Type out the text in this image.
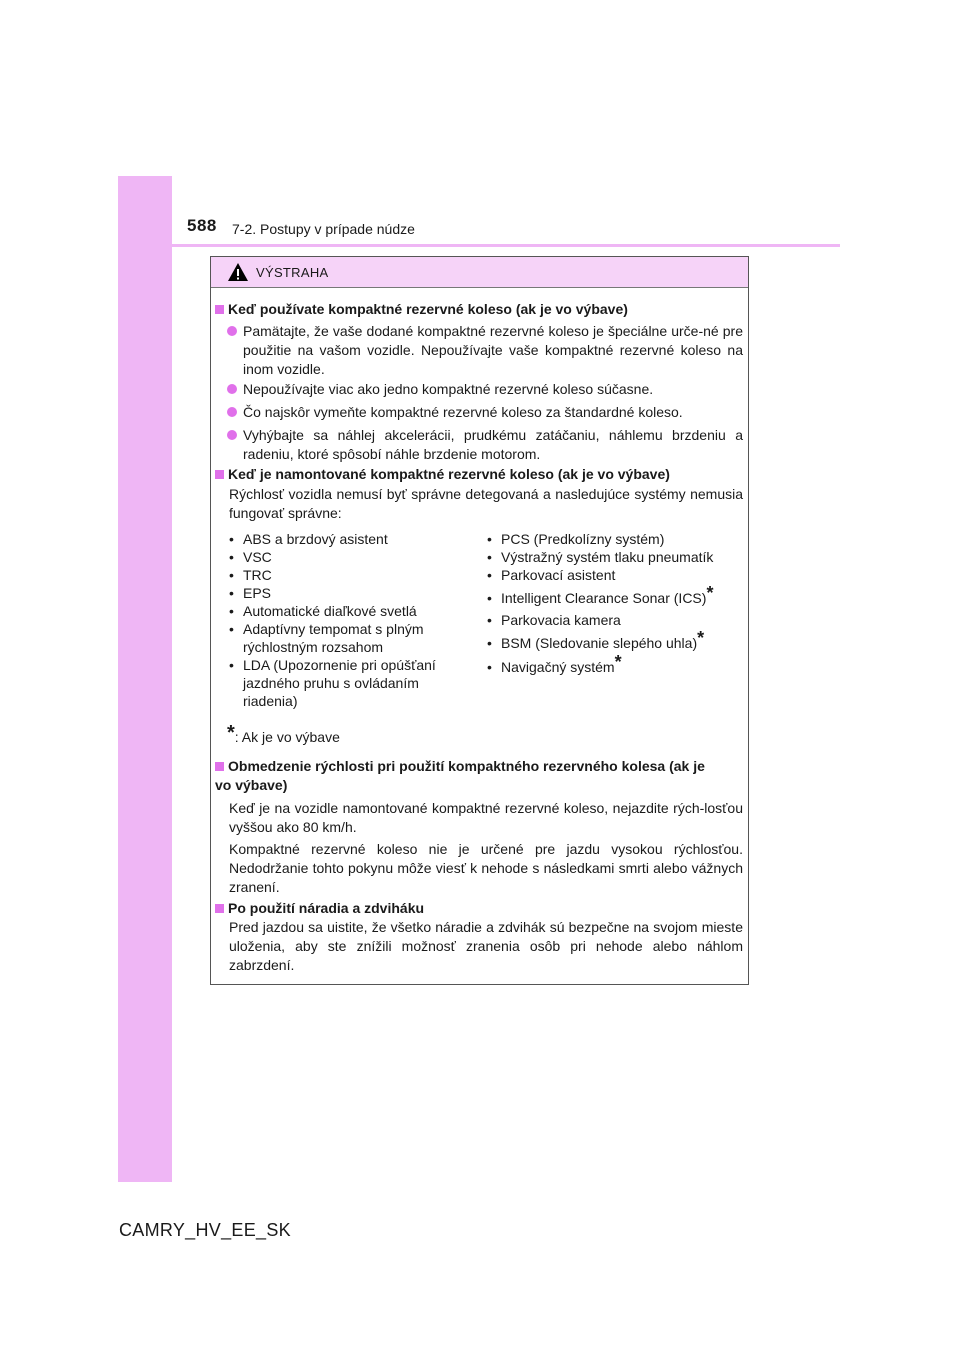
588 7-2. Postupy v prípade núdze
VÝSTRAHA
Keď používate kompaktné rezervné koleso (ak je vo výbave)
Pamätajte, že vaše dodané kompaktné rezervné koleso je špeciálne urče-né pre použitie na vašom vozidle. Nepoužívajte vaše kompaktné rezervné koleso na inom vozidle.
Nepoužívajte viac ako jedno kompaktné rezervné koleso súčasne.
Čo najskôr vymeňte kompaktné rezervné koleso za štandardné koleso.
Vyhýbajte sa náhlej akcelerácii, prudkému zatáčaniu, náhlemu brzdeniu a radeniu, ktoré spôsobí náhle brzdenie motorom.
Keď je namontované kompaktné rezervné koleso (ak je vo výbave)
Rýchlosť vozidla nemusí byť správne detegovaná a nasledujúce systémy nemusia fungovať správne:
• ABS a brzdový asistent
• VSC
• TRC
• EPS
• Automatické diaľkové svetlá
• Adaptívny tempomat s plným rýchlostným rozsahom
• LDA (Upozornenie pri opúšťaní jazdného pruhu s ovládaním riadenia)
• PCS (Predkolízny systém)
• Výstražný systém tlaku pneumatík
• Parkovací asistent
• Intelligent Clearance Sonar (ICS)*
• Parkovacia kamera
• BSM (Sledovanie slepého uhla)*
• Navigačný systém*
*: Ak je vo výbave
Obmedzenie rýchlosti pri použití kompaktného rezervného kolesa (ak je vo výbave)
Keď je na vozidle namontované kompaktné rezervné koleso, nejazdite rých-losťou vyššou ako 80 km/h.
Kompaktné rezervné koleso nie je určené pre jazdu vysokou rýchlosťou. Nedodržanie tohto pokynu môže viesť k nehode s následkami smrti alebo vážnych zranení.
Po použití náradia a zdviháku
Pred jazdou sa uistite, že všetko náradie a zdvihák sú bezpečne na svojom mieste uloženia, aby ste znížili možnosť zranenia osôb pri nehode alebo náhlom zabrzdení.
CAMRY_HV_EE_SK
